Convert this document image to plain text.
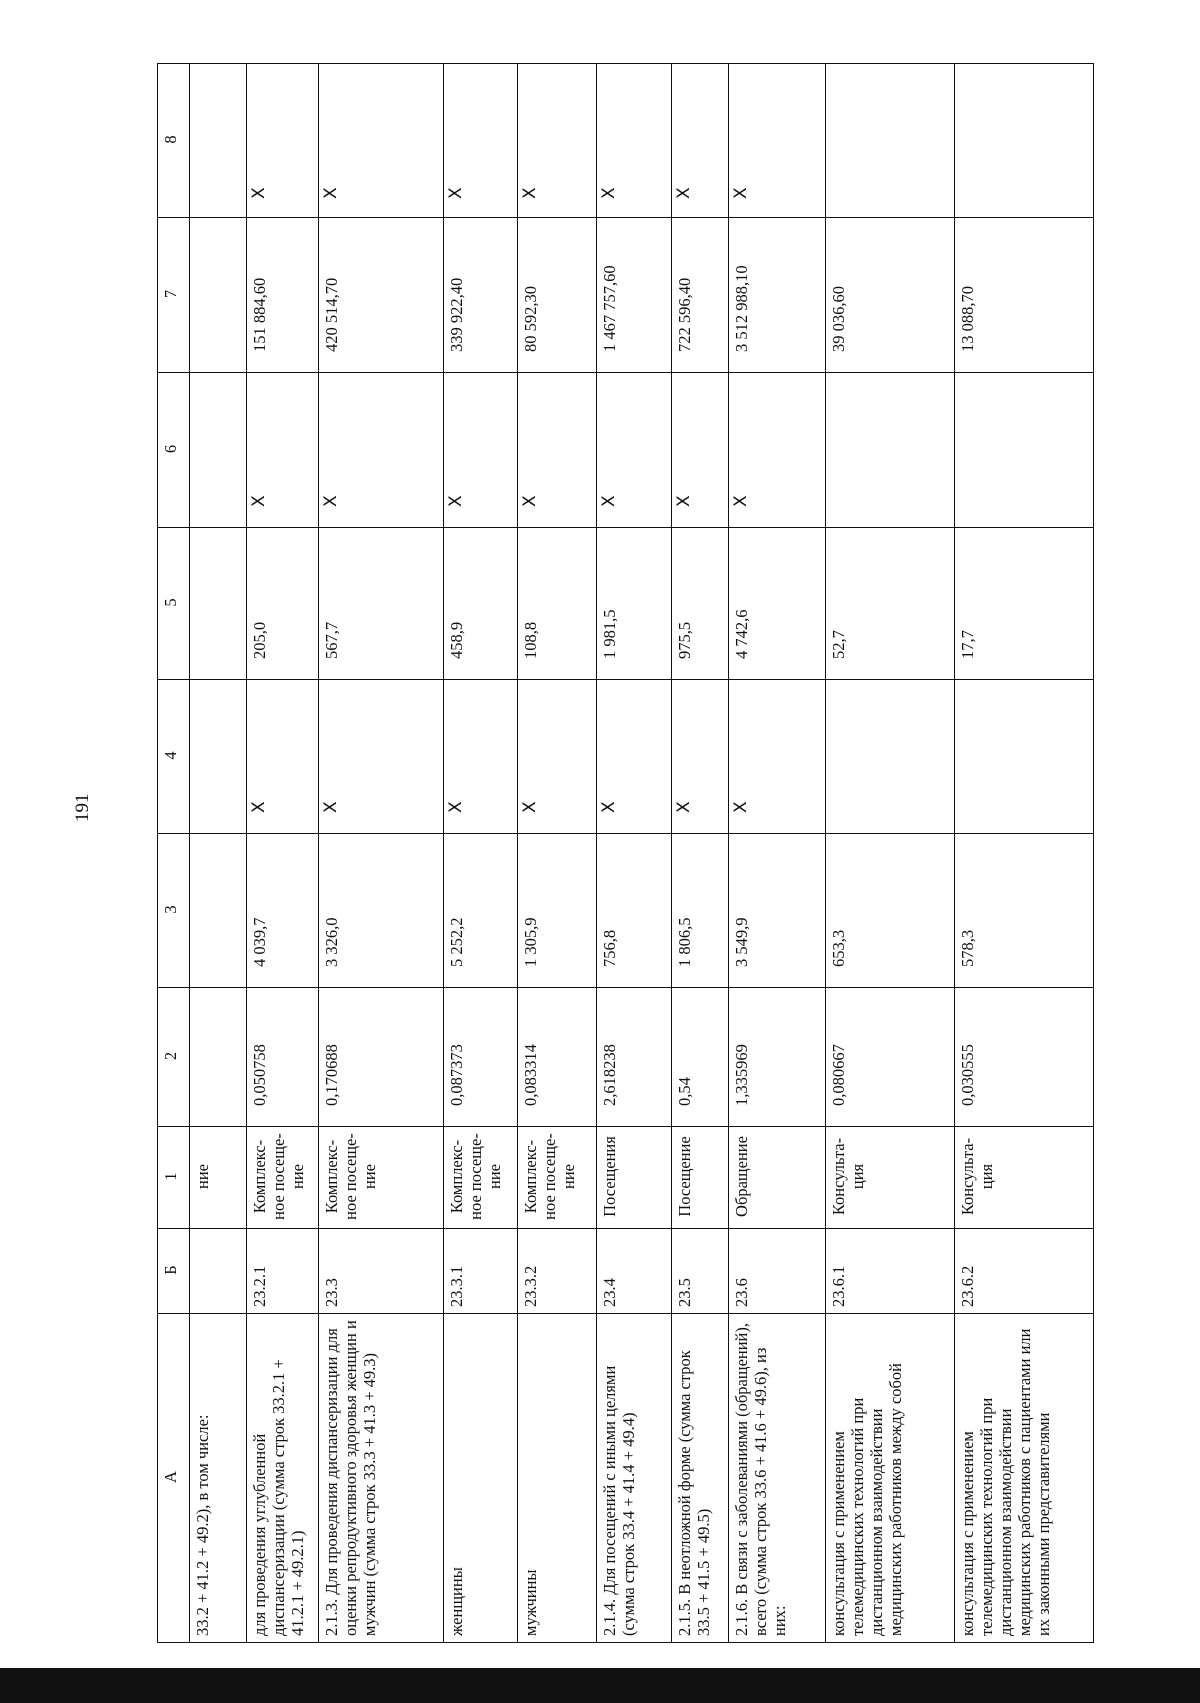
191
А	Б	1	2	3	4	5	6	7	8
33.2 + 41.2 + 49.2), в том числе:		ние							
для проведения углубленной диспансеризации (сумма строк 33.2.1 + 41.2.1 + 49.2.1)	23.2.1	Комплексное посещение	0,050758	4 039,7	Х	205,0	Х	151 884,60	Х
2.1.3. Для проведения диспансеризации для оценки репродуктивного здоровья женщин и мужчин (сумма строк 33.3 + 41.3 + 49.3)	23.3	Комплексное посещение	0,170688	3 326,0	Х	567,7	Х	420 514,70	Х
женщины	23.3.1	Комплексное посещение	0,087373	5 252,2	Х	458,9	Х	339 922,40	Х
мужчины	23.3.2	Комплексное посещение	0,083314	1 305,9	Х	108,8	Х	80 592,30	Х
2.1.4. Для посещений с иными целями (сумма строк 33.4 + 41.4 + 49.4)	23.4	Посещения	2,618238	756,8	Х	1 981,5	Х	1 467 757,60	Х
2.1.5. В неотложной форме (сумма строк 33.5 + 41.5 + 49.5)	23.5	Посещение	0,54	1 806,5	Х	975,5	Х	722 596,40	Х
2.1.6. В связи с заболеваниями (обращений), всего (сумма строк 33.6 + 41.6 + 49.6), из них:	23.6	Обращение	1,335969	3 549,9	Х	4 742,6	Х	3 512 988,10	Х
консультация с применением телемедицинских технологий при дистанционном взаимодействии медицинских работников между собой	23.6.1	Консультация	0,080667	653,3		52,7		39 036,60	
консультация с применением телемедицинских технологий при дистанционном взаимодействии медицинских работников с пациентами или их законными представителями	23.6.2	Консультация	0,030555	578,3		17,7		13 088,70	
